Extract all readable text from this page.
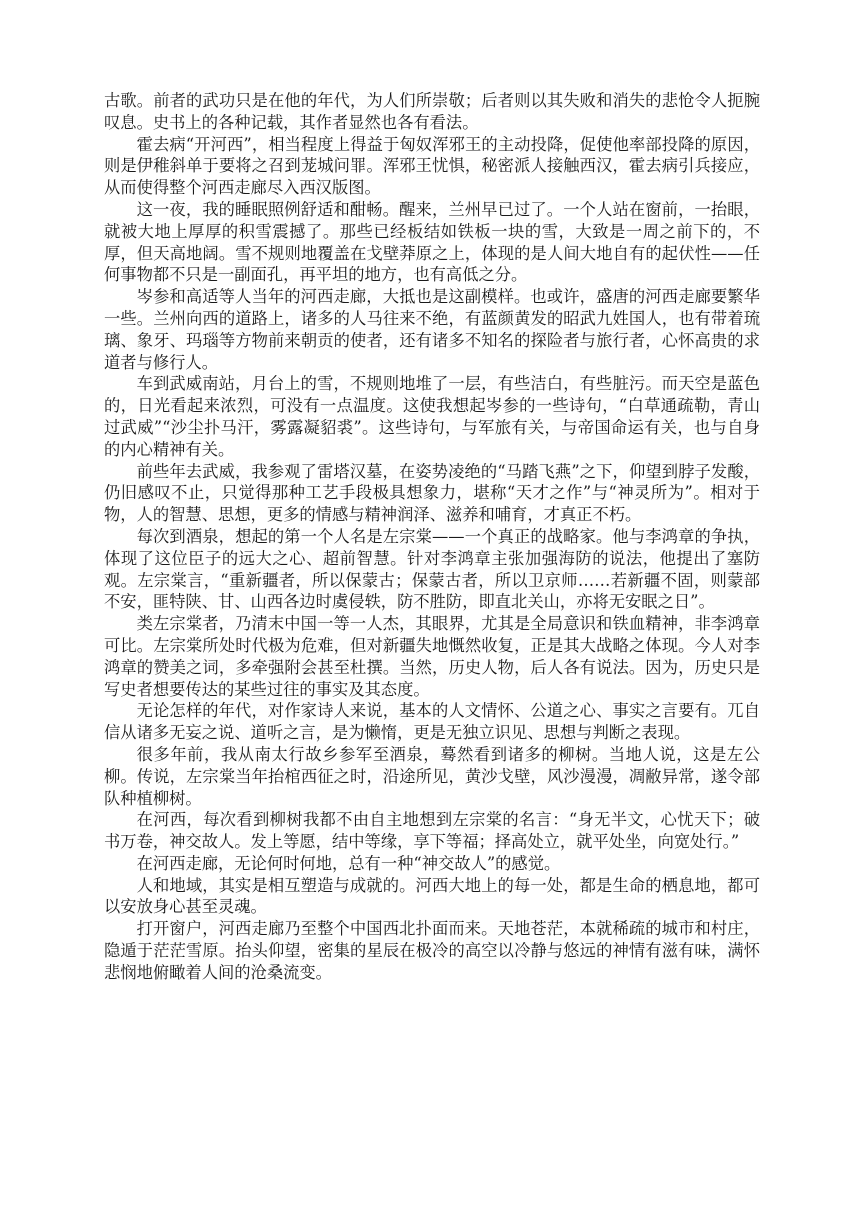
古歌。前者的武功只是在他的年代，为人们所崇敬；后者则以其失败和消失的悲怆令人扼腕叹息。史书上的各种记载，其作者显然也各有看法。

霍去病“开河西”，相当程度上得益于匈奴浑邪王的主动投降，促使他率部投降的原因，则是伊稚斜单于要将之召到茏城问罪。浑邪王忧惧，秘密派人接触西汉，霍去病引兵接应，从而使得整个河西走廊尽入西汉版图。

这一夜，我的睡眠照例舒适和酣畅。醒来，兰州早已过了。一个人站在窗前，一抬眼，就被大地上厚厚的积雪震撼了。那些已经板结如铁板一块的雪，大致是一周之前下的，不厚，但天高地阔。雪不规则地覆盖在戈壁莽原之上，体现的是人间大地自有的起伏性——任何事物都不只是一副面孔，再平坦的地方，也有高低之分。

岑参和高适等人当年的河西走廊，大抵也是这副模样。也或许，盛唐的河西走廊要繁华一些。兰州向西的道路上，诸多的人马往来不绝，有蓝颜黄发的昭武九姓国人，也有带着琉璃、象牙、玛瑙等方物前来朝贡的使者，还有诸多不知名的探险者与旅行者，心怀高贵的求道者与修行人。

车到武威南站，月台上的雪，不规则地堆了一层，有些洁白，有些脏污。而天空是蓝色的，日光看起来浓烈，可没有一点温度。这使我想起岑参的一些诗句，“白草通疏勒，青山过武威”“沙尘扑马汗，雾露凝貂裘”。这些诗句，与军旅有关，与帝国命运有关，也与自身的内心精神有关。

前些年去武威，我参观了雷塔汉墓，在姿势凌绝的“马踏飞燕”之下，仰望到脖子发酸，仍旧感叹不止，只觉得那种工艺手段极具想象力，堪称“天才之作”与“神灵所为”。相对于物，人的智慧、思想，更多的情感与精神润泽、滋养和哺育，才真正不朽。

每次到酒泉，想起的第一个人名是左宗棠——一个真正的战略家。他与李鸿章的争执，体现了这位臣子的远大之心、超前智慧。针对李鸿章主张加强海防的说法，他提出了塞防观。左宗棠言，“重新疆者，所以保蒙古；保蒙古者，所以卫京师……若新疆不固，则蒙部不安，匪特陕、甘、山西各边时虞侵轶，防不胜防，即直北关山，亦将无安眠之日”。

类左宗棠者，乃清末中国一等一人杰，其眼界，尤其是全局意识和铁血精神，非李鸿章可比。左宗棠所处时代极为危难，但对新疆失地慨然收复，正是其大战略之体现。今人对李鸿章的赞美之词，多牵强附会甚至杜撰。当然，历史人物，后人各有说法。因为，历史只是写史者想要传达的某些过往的事实及其态度。

无论怎样的年代，对作家诗人来说，基本的人文情怀、公道之心、事实之言要有。兀自信从诸多无妄之说、道听之言，是为懒惰，更是无独立识见、思想与判断之表现。

很多年前，我从南太行故乡参军至酒泉，蓦然看到诸多的柳树。当地人说，这是左公柳。传说，左宗棠当年抬棺西征之时，沿途所见，黄沙戈壁，风沙漫漫，凋敝异常，遂令部队种植柳树。

在河西，每次看到柳树我都不由自主地想到左宗棠的名言：“身无半文，心忧天下；破书万卷，神交故人。发上等愿，结中等缘，享下等福；择高处立，就平处坐，向宽处行。”

在河西走廊，无论何时何地，总有一种“神交故人”的感觉。

人和地域，其实是相互塑造与成就的。河西大地上的每一处，都是生命的栖息地，都可以安放身心甚至灵魂。

打开窗户，河西走廊乃至整个中国西北扑面而来。天地苍茫，本就稀疏的城市和村庄，隐遁于茫茫雪原。抬头仰望，密集的星辰在极冷的高空以冷静与悠远的神情有滋有味，满怀悲悯地俯瞰着人间的沧桑流变。
